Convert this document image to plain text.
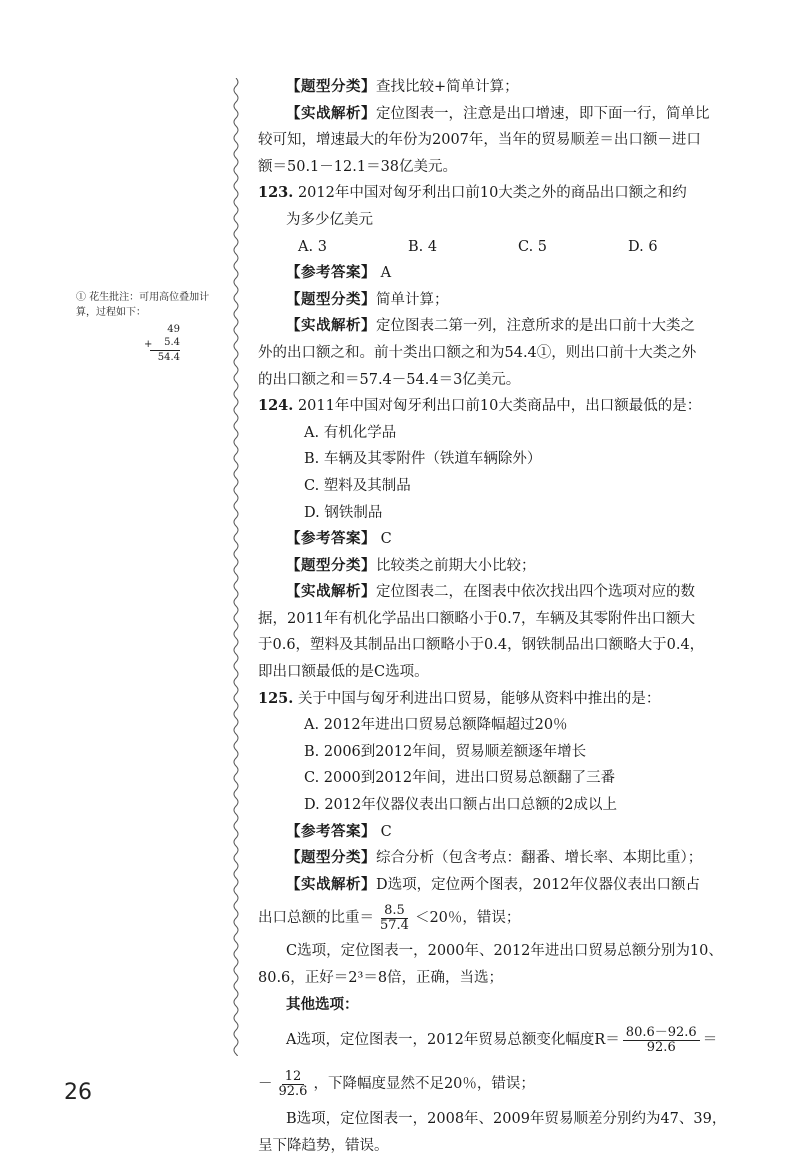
① 花生批注：可用高位叠加计算，过程如下：
49
+	5.4
54.4
【题型分类】查找比较+简单计算；
【实战解析】定位图表一，注意是出口增速，即下面一行，简单比
较可知，增速最大的年份为2007年，当年的贸易顺差＝出口额－进口
额＝50.1－12.1＝38亿美元。
123. 2012年中国对匈牙利出口前10大类之外的商品出口额之和约
为多少亿美元
A. 3	B. 4	C. 5	D. 6
【参考答案】 A
【题型分类】简单计算；
【实战解析】定位图表二第一列，注意所求的是出口前十大类之
外的出口额之和。前十类出口额之和为54.4①，则出口前十大类之外
的出口额之和＝57.4－54.4＝3亿美元。
124. 2011年中国对匈牙利出口前10大类商品中，出口额最低的是：
A. 有机化学品
B. 车辆及其零附件（铁道车辆除外）
C. 塑料及其制品
D. 钢铁制品
【参考答案】 C
【题型分类】比较类之前期大小比较；
【实战解析】定位图表二，在图表中依次找出四个选项对应的数
据，2011年有机化学品出口额略小于0.7，车辆及其零附件出口额大
于0.6，塑料及其制品出口额略小于0.4，钢铁制品出口额略大于0.4，
即出口额最低的是C选项。
125. 关于中国与匈牙利进出口贸易，能够从资料中推出的是：
A. 2012年进出口贸易总额降幅超过20％
B. 2006到2012年间，贸易顺差额逐年增长
C. 2000到2012年间，进出口贸易总额翻了三番
D. 2012年仪器仪表出口额占出口总额的2成以上
【参考答案】 C
【题型分类】综合分析（包含考点：翻番、增长率、本期比重）；
【实战解析】D选项，定位两个图表，2012年仪器仪表出口额占
出口总额的比重＝ $\frac{8.5}{57.4} <20$％，错误；
C选项，定位图表一，2000年、2012年进出口贸易总额分别为10、
80.6，正好＝2³＝8倍，正确，当选；
其他选项：
A选项，定位图表一，2012年贸易总额变化幅度$R= \frac{80.6-92.6}{92.6}$ ＝
－ $\frac{12}{92.6}$ ，下降幅度显然不足20％，错误；
B选项，定位图表一，2008年、2009年贸易顺差分别约为47、39，
呈下降趋势，错误。
26
